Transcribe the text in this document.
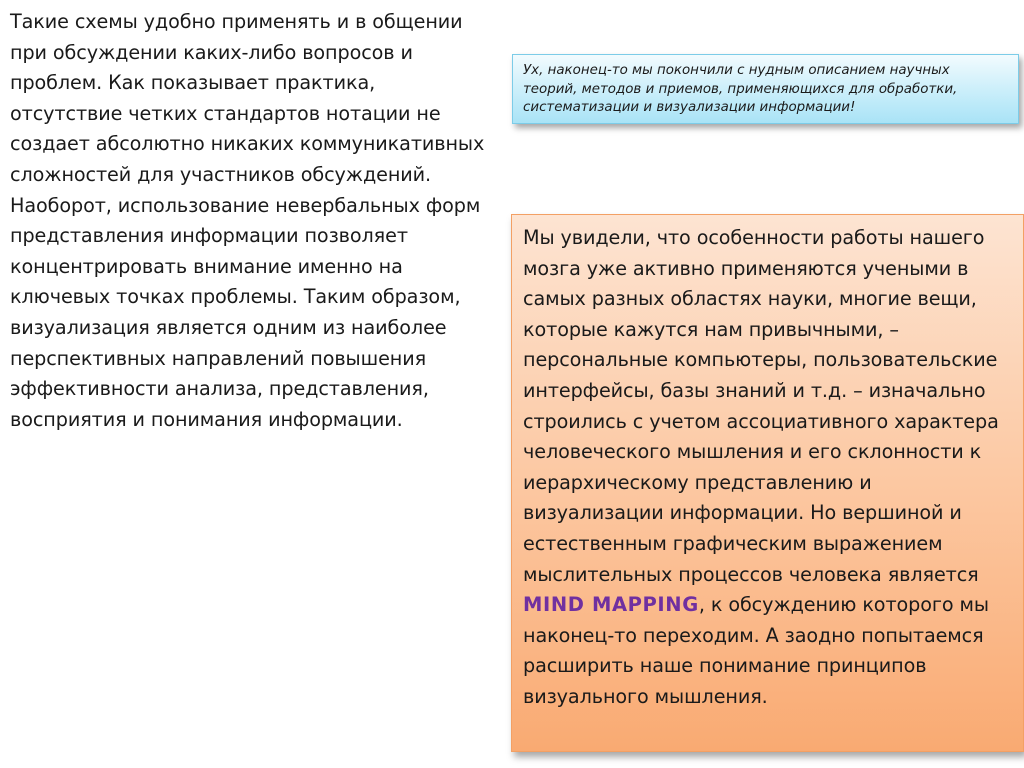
Такие схемы удобно применять и в общении при обсуждении каких-либо вопросов и проблем. Как показывает практика, отсутствие четких стандартов нотации не создает абсолютно никаких коммуникативных сложностей для участников обсуждений. Наоборот, использование невербальных форм представления информации позволяет концентрировать внимание именно на ключевых точках проблемы. Таким образом, визуализация является одним из наиболее перспективных направлений повышения эффективности анализа, представления, восприятия и понимания информации.

Ух, наконец-то мы покончили с нудным описанием научных теорий, методов и приемов, применяющихся для обработки, систематизации и визуализации информации!
Мы увидели, что особенности работы нашего мозга уже активно применяются учеными в самых разных областях науки, многие вещи, которые кажутся нам привычными, – персональные компьютеры, пользовательские интерфейсы, базы знаний и т.д. – изначально строились с учетом ассоциативного характера человеческого мышления и его склонности к иерархическому представлению и визуализации информации. Но вершиной и естественным графическим выражением мыслительных процессов человека является MIND MAPPING, к обсуждению которого мы наконец-то переходим. А заодно попытаемся расширить наше понимание принципов визуального мышления.
